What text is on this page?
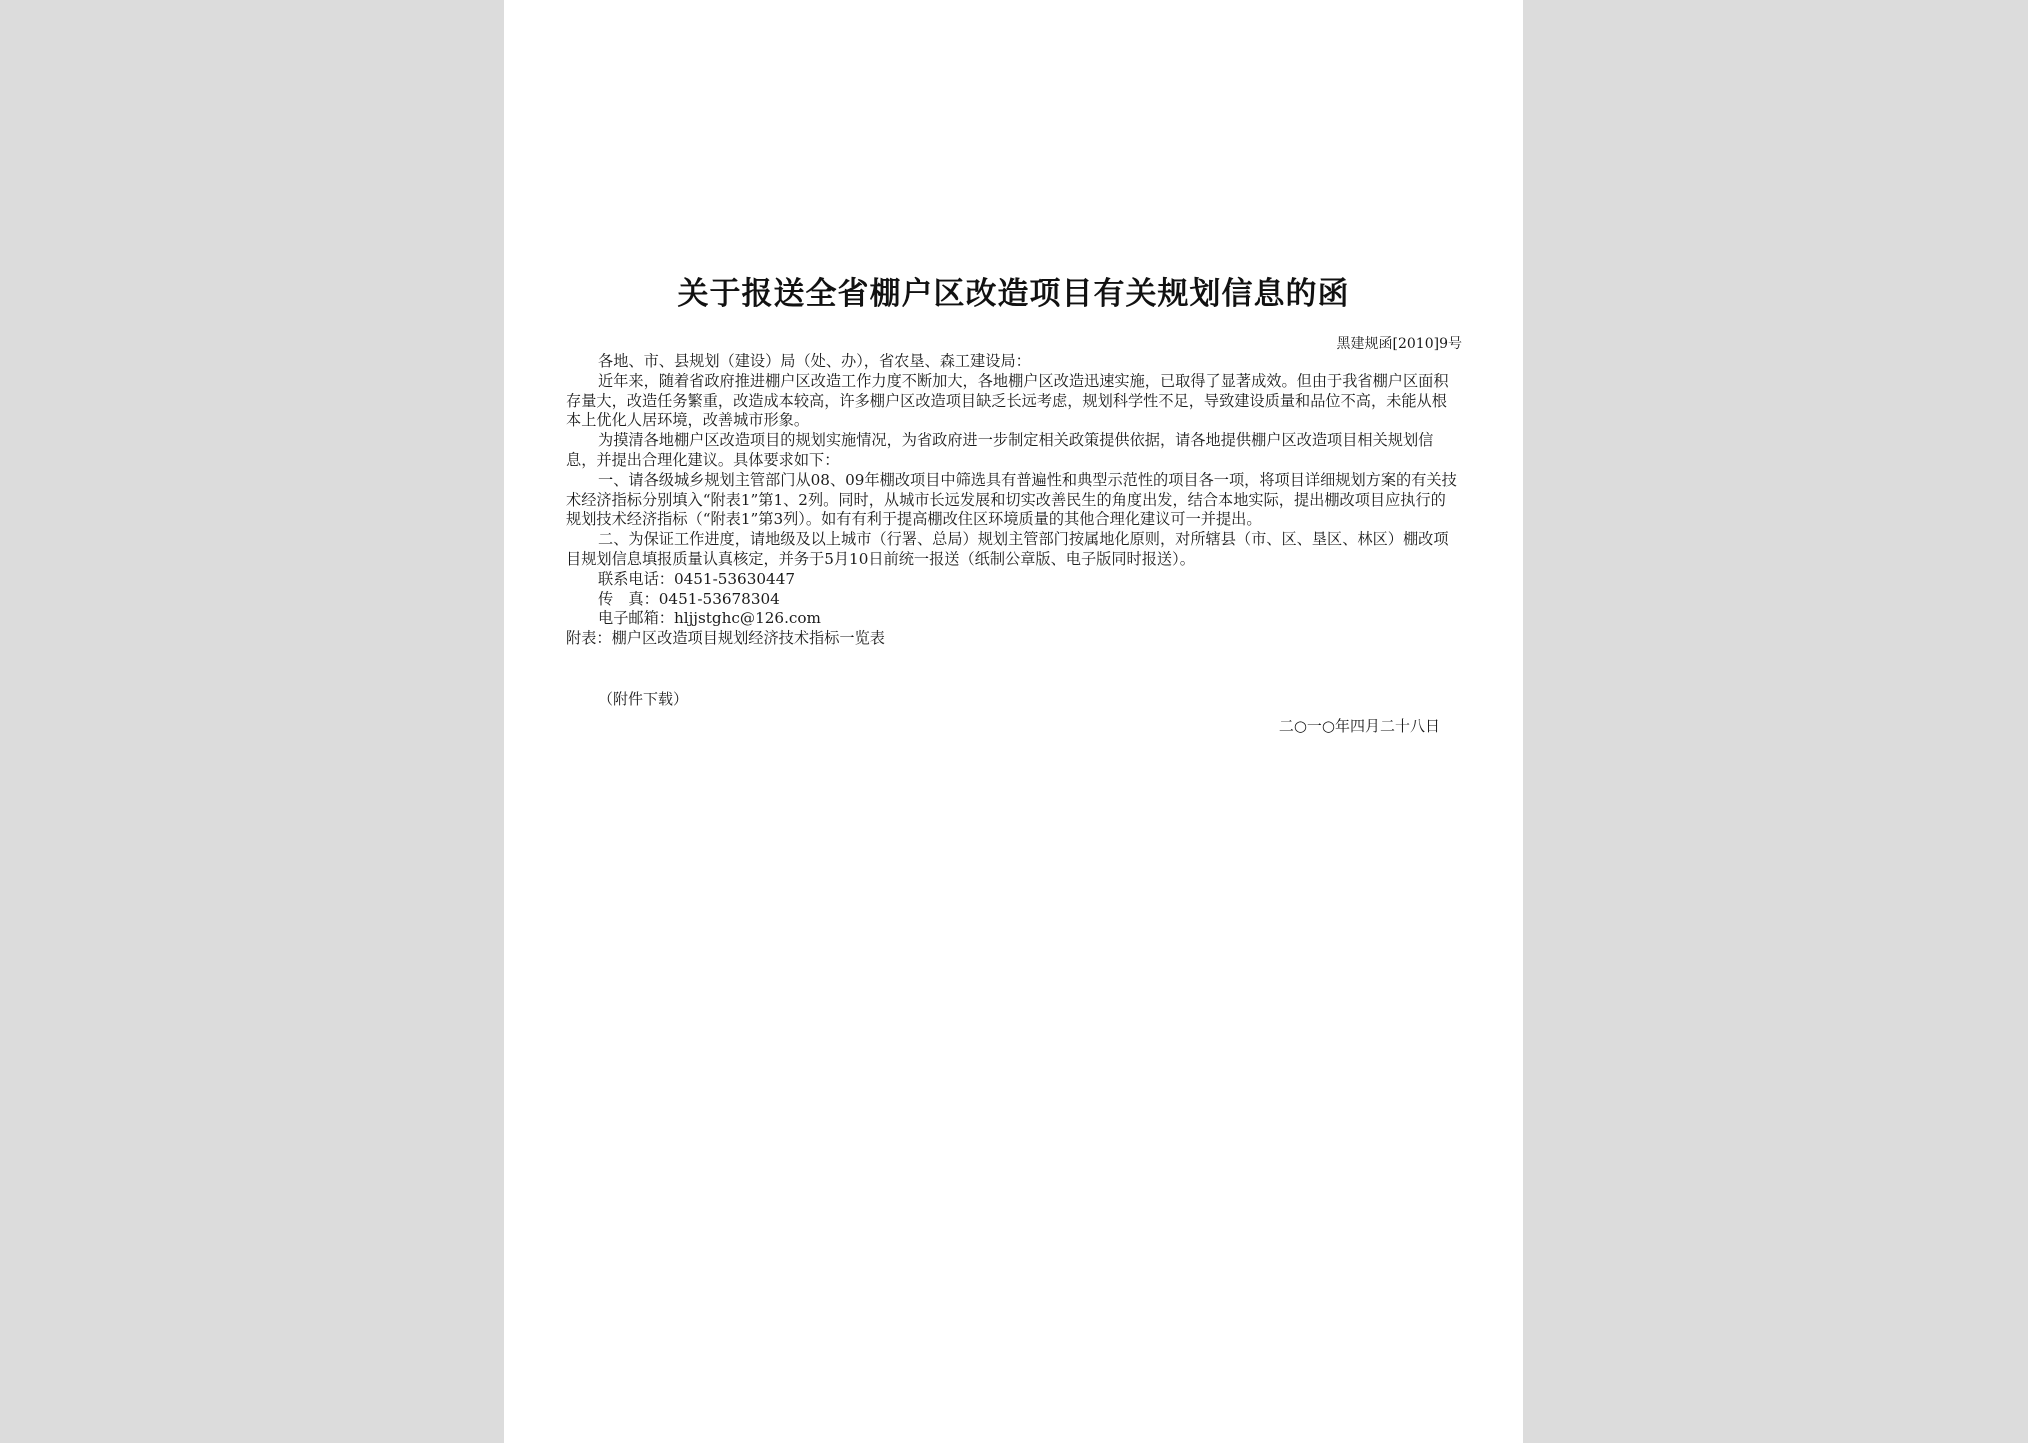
关于报送全省棚户区改造项目有关规划信息的函
黑建规函[2010]9号

各地、市、县规划（建设）局（处、办），省农垦、森工建设局：

近年来，随着省政府推进棚户区改造工作力度不断加大，各地棚户区改造迅速实施，已取得了显著成效。但由于我省棚户区面积存量大，改造任务繁重，改造成本较高，许多棚户区改造项目缺乏长远考虑，规划科学性不足，导致建设质量和品位不高，未能从根本上优化人居环境，改善城市形象。

为摸清各地棚户区改造项目的规划实施情况，为省政府进一步制定相关政策提供依据，请各地提供棚户区改造项目相关规划信息，并提出合理化建议。具体要求如下：

一、请各级城乡规划主管部门从08、09年棚改项目中筛选具有普遍性和典型示范性的项目各一项，将项目详细规划方案的有关技术经济指标分别填入“附表1”第1、2列。同时，从城市长远发展和切实改善民生的角度出发，结合本地实际，提出棚改项目应执行的规划技术经济指标（“附表1”第3列）。如有有利于提高棚改住区环境质量的其他合理化建议可一并提出。

二、为保证工作进度，请地级及以上城市（行署、总局）规划主管部门按属地化原则，对所辖县（市、区、垦区、林区）棚改项目规划信息填报质量认真核定，并务于5月10日前统一报送（纸制公章版、电子版同时报送）。

联系电话：0451-53630447

传　真：0451-53678304

电子邮箱：hljjstghc@126.com

附表：棚户区改造项目规划经济技术指标一览表

（附件下载）
二○一○年四月二十八日
